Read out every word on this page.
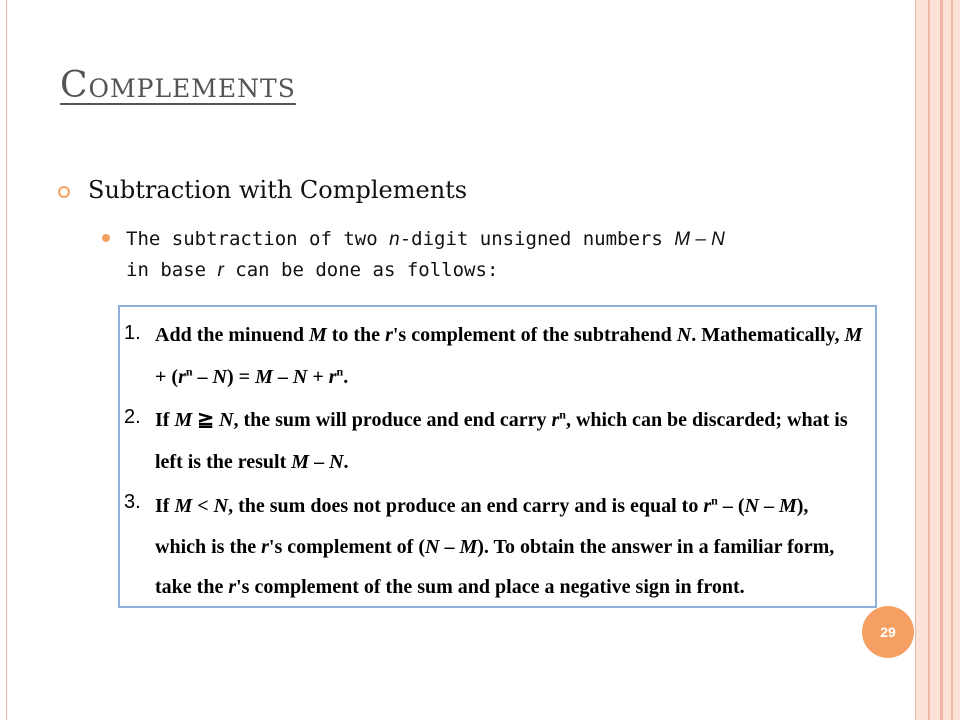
Complements

Subtraction with Complements

The subtraction of two n-digit unsigned numbers M – N
in base r can be done as follows:

1. Add the minuend M to the r's complement of the subtrahend N. Mathematically, M

+ $(r^n - N) = M - N + r^n$.

2. If M ≧ N, the sum will produce and end carry $r^n$, which can be discarded; what is

left is the result M – N.

3. If M < N, the sum does not produce an end carry and is equal to $r^n - (N - M)$,

which is the r's complement of (N – M). To obtain the answer in a familiar form,

take the r's complement of the sum and place a negative sign in front.

29
